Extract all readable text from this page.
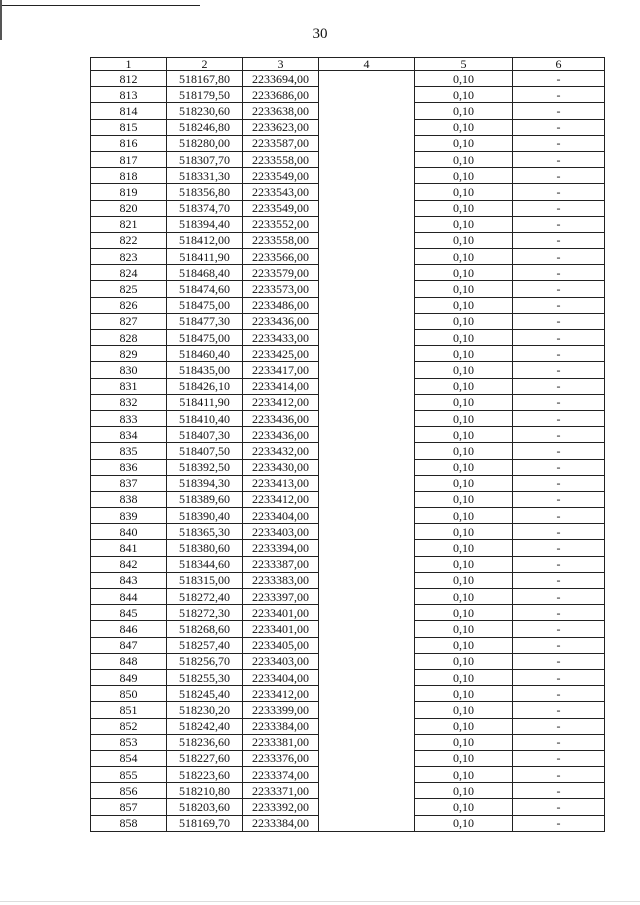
30
1	2	3	4	5	6
812	518167,80	2233694,00		0,10	-
813	518179,50	2233686,00		0,10	-
814	518230,60	2233638,00		0,10	-
815	518246,80	2233623,00		0,10	-
816	518280,00	2233587,00		0,10	-
817	518307,70	2233558,00		0,10	-
818	518331,30	2233549,00		0,10	-
819	518356,80	2233543,00		0,10	-
820	518374,70	2233549,00		0,10	-
821	518394,40	2233552,00		0,10	-
822	518412,00	2233558,00		0,10	-
823	518411,90	2233566,00		0,10	-
824	518468,40	2233579,00		0,10	-
825	518474,60	2233573,00		0,10	-
826	518475,00	2233486,00		0,10	-
827	518477,30	2233436,00		0,10	-
828	518475,00	2233433,00		0,10	-
829	518460,40	2233425,00		0,10	-
830	518435,00	2233417,00		0,10	-
831	518426,10	2233414,00		0,10	-
832	518411,90	2233412,00		0,10	-
833	518410,40	2233436,00		0,10	-
834	518407,30	2233436,00		0,10	-
835	518407,50	2233432,00		0,10	-
836	518392,50	2233430,00		0,10	-
837	518394,30	2233413,00		0,10	-
838	518389,60	2233412,00		0,10	-
839	518390,40	2233404,00		0,10	-
840	518365,30	2233403,00		0,10	-
841	518380,60	2233394,00		0,10	-
842	518344,60	2233387,00		0,10	-
843	518315,00	2233383,00		0,10	-
844	518272,40	2233397,00		0,10	-
845	518272,30	2233401,00		0,10	-
846	518268,60	2233401,00		0,10	-
847	518257,40	2233405,00		0,10	-
848	518256,70	2233403,00		0,10	-
849	518255,30	2233404,00		0,10	-
850	518245,40	2233412,00		0,10	-
851	518230,20	2233399,00		0,10	-
852	518242,40	2233384,00		0,10	-
853	518236,60	2233381,00		0,10	-
854	518227,60	2233376,00		0,10	-
855	518223,60	2233374,00		0,10	-
856	518210,80	2233371,00		0,10	-
857	518203,60	2233392,00		0,10	-
858	518169,70	2233384,00		0,10	-
